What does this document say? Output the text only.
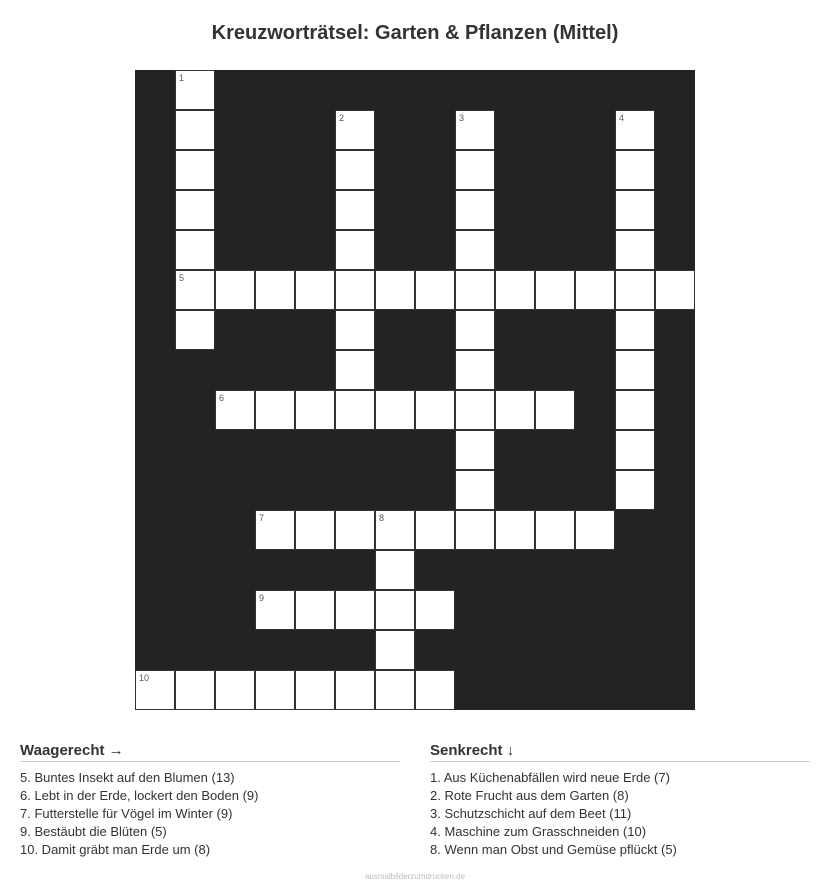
Kreuzworträtsel: Garten & Pflanzen (Mittel)
1
5
2	3	4
6
7	8
9
10
Waagerecht →
5. Buntes Insekt auf den Blumen (13)
6. Lebt in der Erde, lockert den Boden (9)
7. Futterstelle für Vögel im Winter (9)
9. Bestäubt die Blüten (5)
10. Damit gräbt man Erde um (8)
Senkrecht ↓
1. Aus Küchenabfällen wird neue Erde (7)
2. Rote Frucht aus dem Garten (8)
3. Schutzschicht auf dem Beet (11)
4. Maschine zum Grasschneiden (10)
8. Wenn man Obst und Gemüse pflückt (5)
ausmalbilderzumdrucken.de
